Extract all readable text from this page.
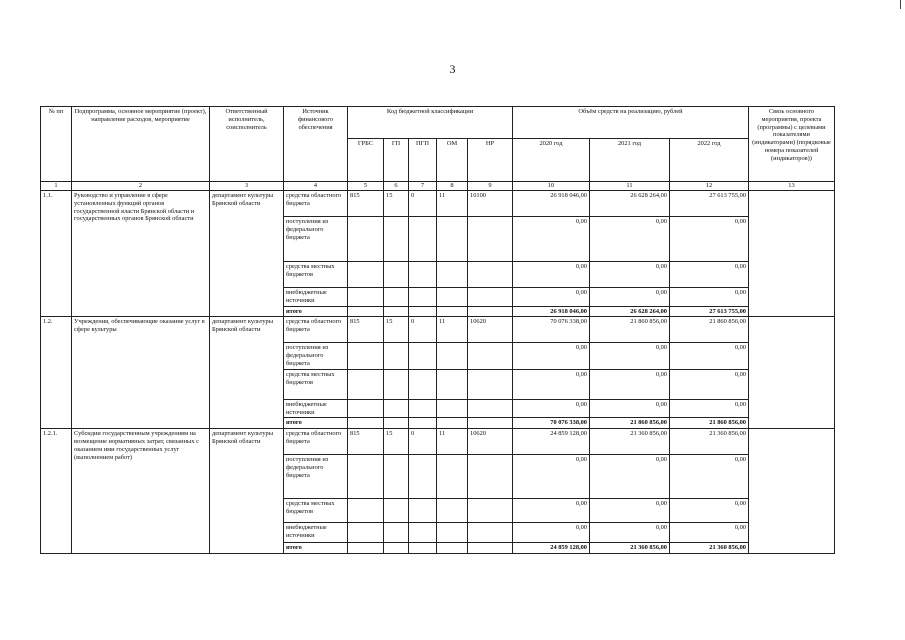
3
№ пп	Подпрограмма, основное мероприятие (проект), направление расходов, мероприятие	Ответственный исполнитель, соисполнитель	Источник финансового обеспечения	Код бюджетной классификации					Объём средств на реализацию, рублей			Связь основного мероприятия, проекта (программы) с целевыми показателями (индикаторами) (порядковые номера показателей (индикаторов))
				ГРБС	ГП	ПГП	ОМ	НР	2020 год	2021 год	2022 год	
1	2	3	4	5	6	7	8	9	10	11	12	13
1.1.	Руководство и управление в сфере установленных функций органов государственной власти Брянской области и государственных органов Брянской области	департамент культуры Брянской области	средства областного бюджета	815	15	0	11	10100	26 918 046,00	26 628 264,00	27 613 755,00	
			поступления из федерального бюджета						0,00	0,00	0,00	
			средства местных бюджетов						0,00	0,00	0,00	
			внебюджетные источники						0,00	0,00	0,00	
			итого						26 918 046,00	26 628 264,00	27 613 755,00	
1.2.	Учреждения, обеспечивающие оказание услуг в сфере культуры	департамент культуры Брянской области	средства областного бюджета	815	15	0	11	10620	70 076 338,00	21 860 856,00	21 860 856,00	
			поступления из федерального бюджета						0,00	0,00	0,00	
			средства местных бюджетов						0,00	0,00	0,00	
			внебюджетные источники						0,00	0,00	0,00	
			итого						70 076 338,00	21 860 856,00	21 860 856,00	
1.2.1.	Субсидии государственным учреждениям на возмещение нормативных затрат, связанных с оказанием ими государственных услуг (выполнением работ)	департамент культуры Брянской области	средства областного бюджета	815	15	0	11	10620	24 859 128,00	21 360 856,00	21 360 856,00	
			поступления из федерального бюджета						0,00	0,00	0,00	
			средства местных бюджетов						0,00	0,00	0,00	
			внебюджетные источники						0,00	0,00	0,00	
			итого						24 859 128,00	21 360 856,00	21 360 856,00	
